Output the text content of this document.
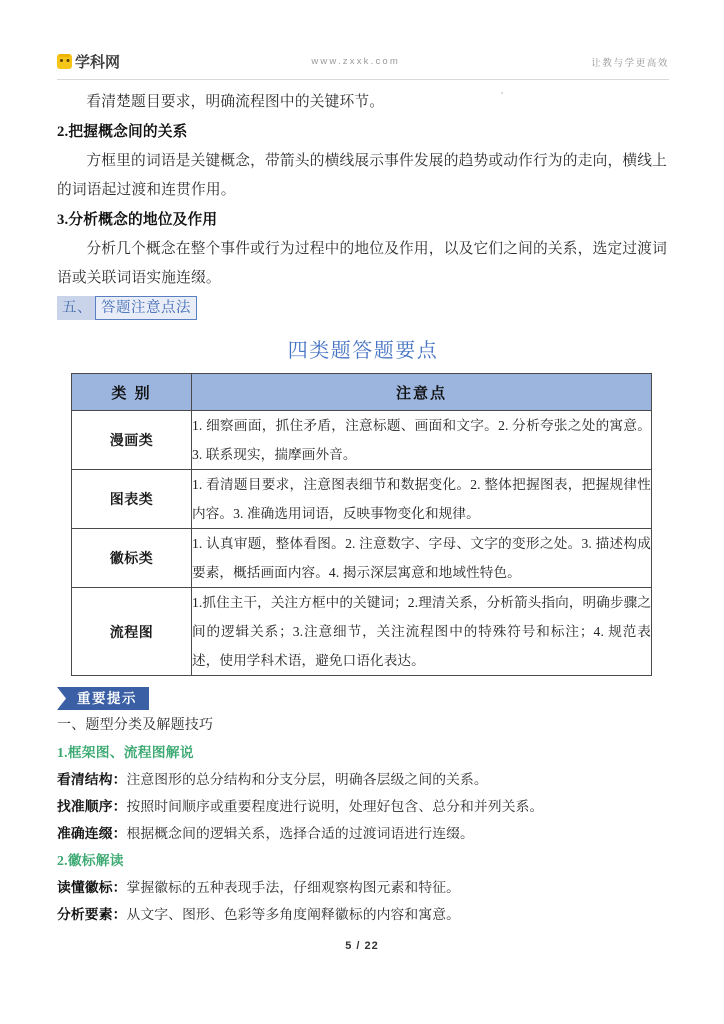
学科网	www.zxxk.com	让教与学更高效

看清楚题目要求，明确流程图中的关键环节。

2.把握概念间的关系

方框里的词语是关键概念，带箭头的横线展示事件发展的趋势或动作行为的走向，横线上的词语起过渡和连贯作用。

3.分析概念的地位及作用

分析几个概念在整个事件或行为过程中的地位及作用，以及它们之间的关系，选定过渡词语或关联词语实施连缀。

五、 答题注意点法
四类题答题要点
类 别	注意点
漫画类	1. 细察画面，抓住矛盾，注意标题、画面和文字。2. 分析夸张之处的寓意。3. 联系现实，揣摩画外音。
图表类	1. 看清题目要求，注意图表细节和数据变化。2. 整体把握图表，把握规律性内容。3. 准确选用词语，反映事物变化和规律。
徽标类	1. 认真审题，整体看图。2. 注意数字、字母、文字的变形之处。3. 描述构成要素，概括画面内容。4. 揭示深层寓意和地域性特色。
流程图	1.抓住主干，关注方框中的关键词；2.理清关系，分析箭头指向，明确步骤之间的逻辑关系；3.注意细节，关注流程图中的特殊符号和标注；4. 规范表述，使用学科术语，避免口语化表达。
重要提示

一、题型分类及解题技巧

1.框架图、流程图解说

看清结构：注意图形的总分结构和分支分层，明确各层级之间的关系。

找准顺序：按照时间顺序或重要程度进行说明，处理好包含、总分和并列关系。

准确连缀：根据概念间的逻辑关系，选择合适的过渡词语进行连缀。

2.徽标解读

读懂徽标：掌握徽标的五种表现手法，仔细观察构图元素和特征。

分析要素：从文字、图形、色彩等多角度阐释徽标的内容和寓意。

5 / 22
